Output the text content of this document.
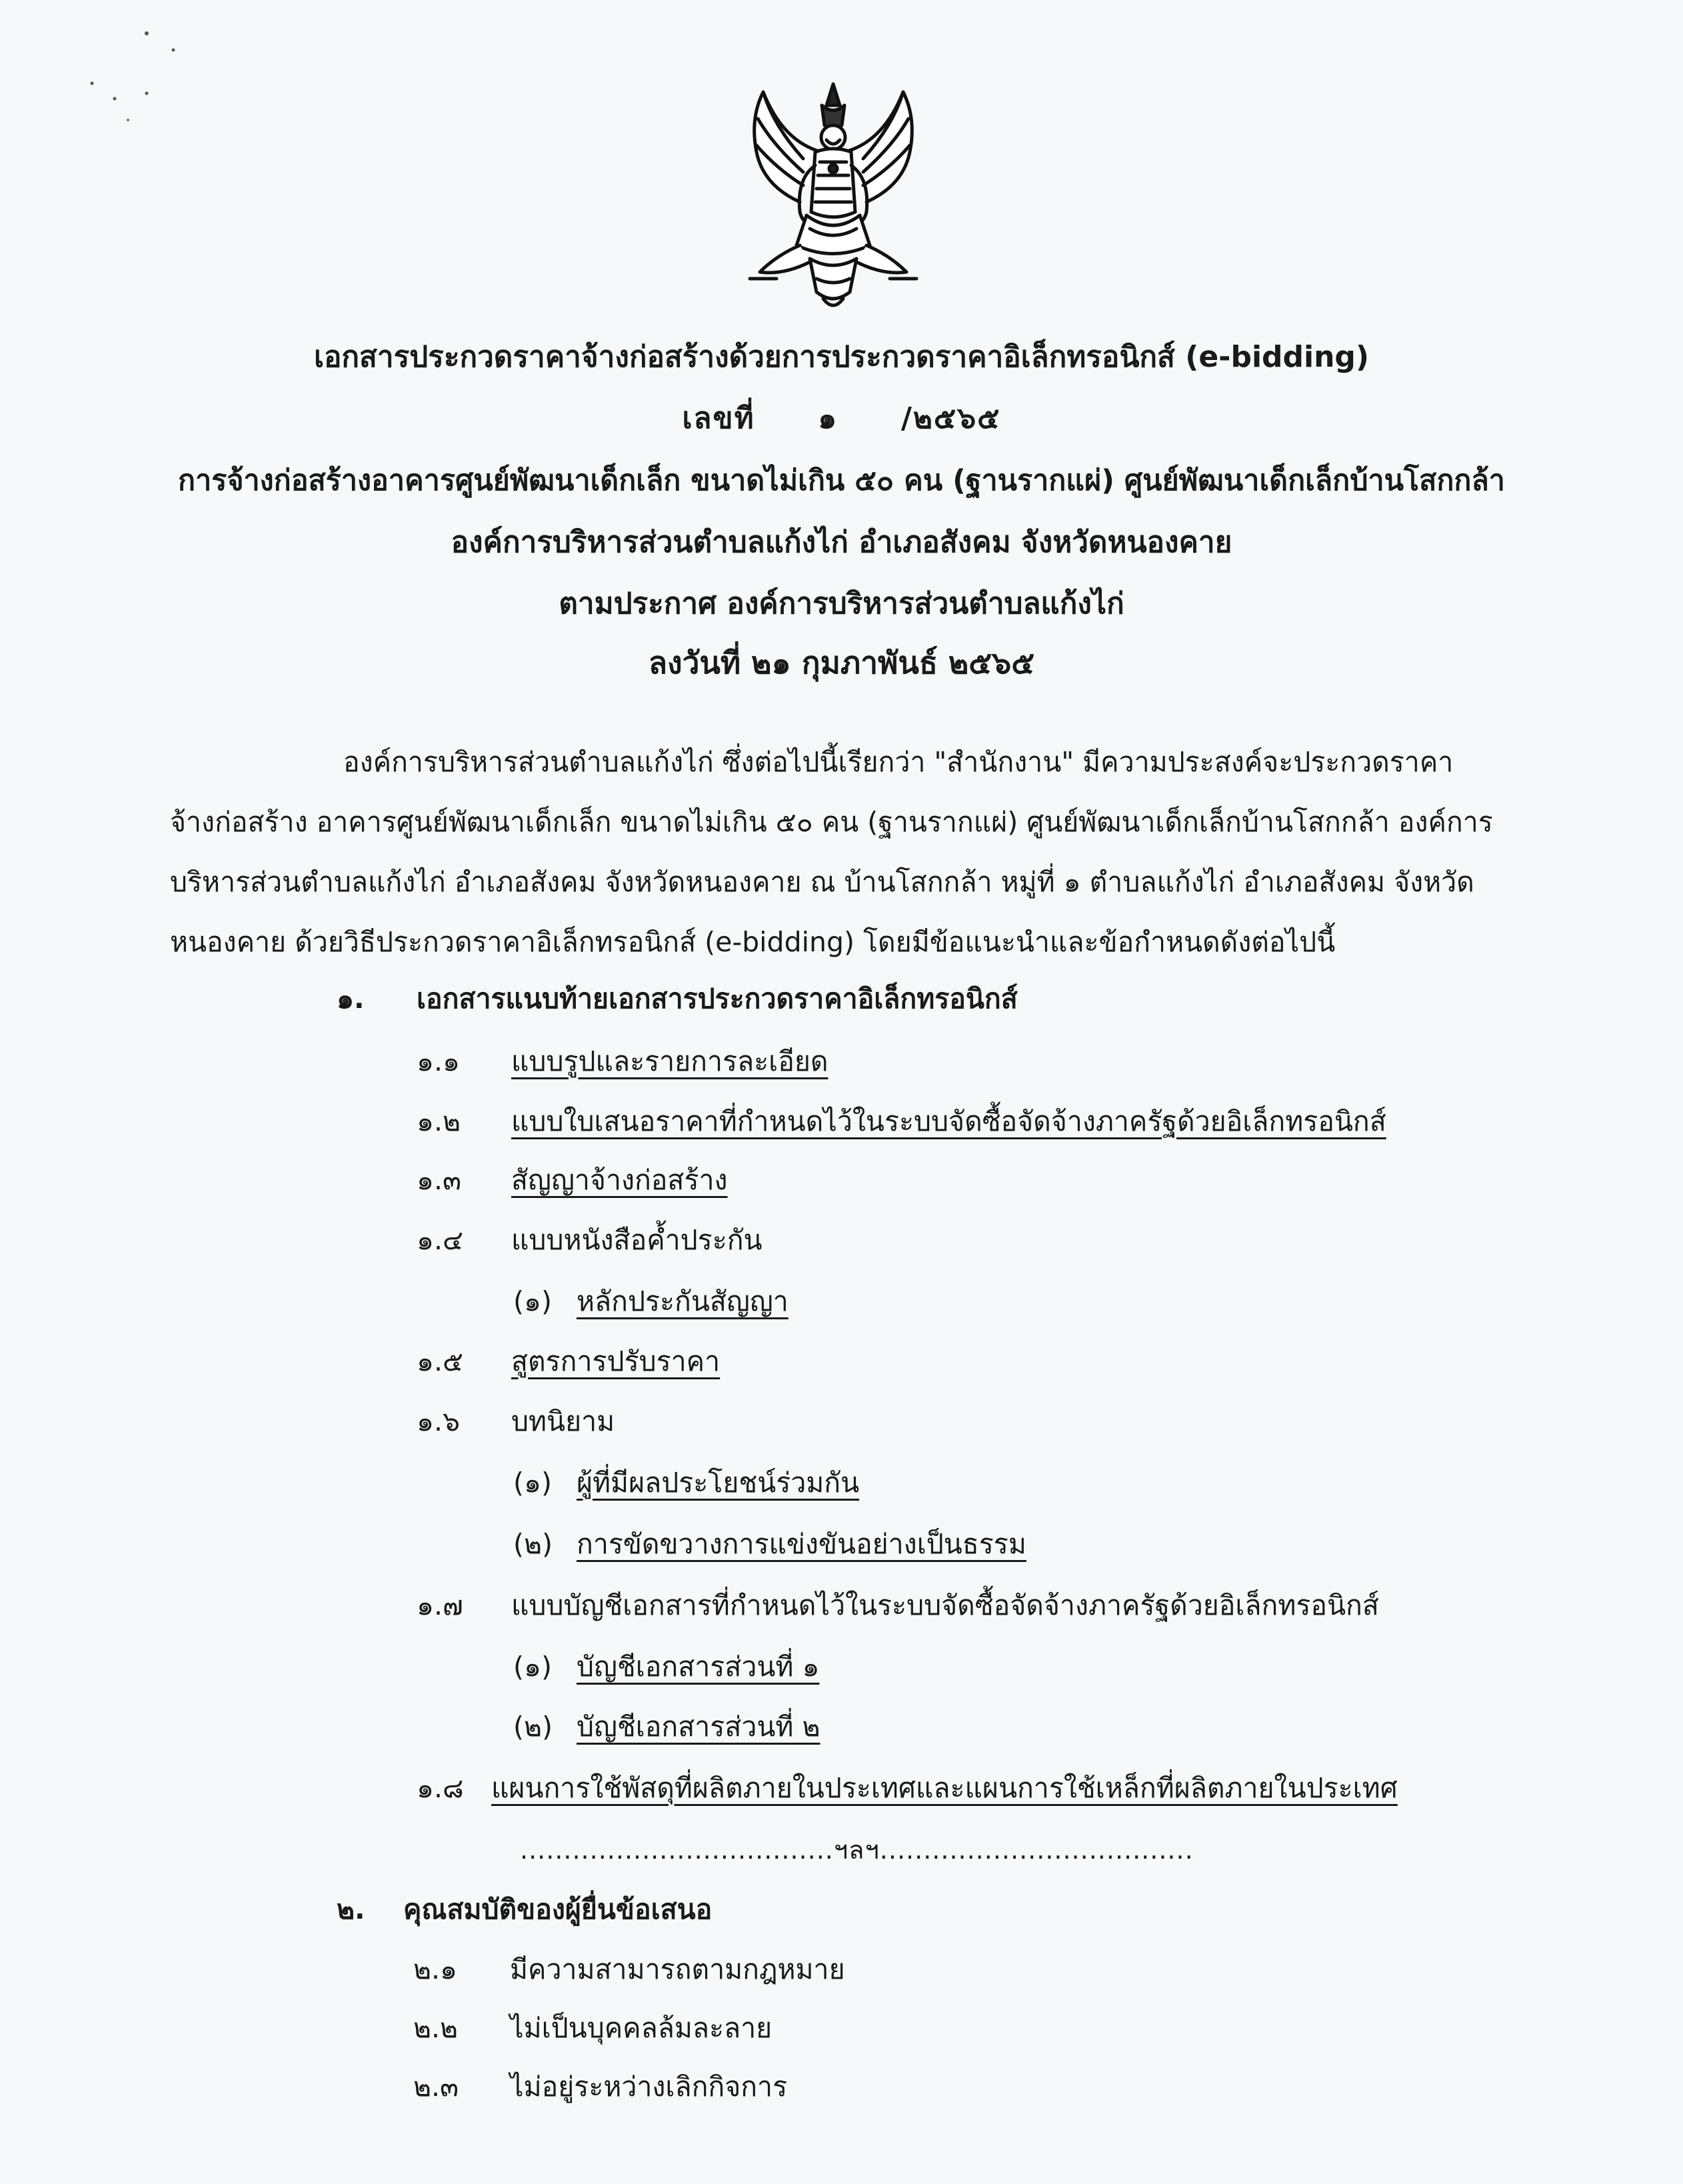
เอกสารประกวดราคาจ้างก่อสร้างด้วยการประกวดราคาอิเล็กทรอนิกส์ (e-bidding)
เลขที่ ๑ /๒๕๖๕
การจ้างก่อสร้างอาคารศูนย์พัฒนาเด็กเล็ก ขนาดไม่เกิน ๕๐ คน (ฐานรากแผ่) ศูนย์พัฒนาเด็กเล็กบ้านโสกกล้า
องค์การบริหารส่วนตำบลแก้งไก่ อำเภอสังคม จังหวัดหนองคาย
ตามประกาศ องค์การบริหารส่วนตำบลแก้งไก่
ลงวันที่ ๒๑ กุมภาพันธ์ ๒๕๖๕
องค์การบริหารส่วนตำบลแก้งไก่ ซึ่งต่อไปนี้เรียกว่า "สำนักงาน" มีความประสงค์จะประกวดราคา
จ้างก่อสร้าง อาคารศูนย์พัฒนาเด็กเล็ก ขนาดไม่เกิน ๕๐ คน (ฐานรากแผ่) ศูนย์พัฒนาเด็กเล็กบ้านโสกกล้า องค์การ
บริหารส่วนตำบลแก้งไก่ อำเภอสังคม จังหวัดหนองคาย ณ บ้านโสกกล้า หมู่ที่ ๑ ตำบลแก้งไก่ อำเภอสังคม จังหวัด
หนองคาย ด้วยวิธีประกวดราคาอิเล็กทรอนิกส์ (e-bidding) โดยมีข้อแนะนำและข้อกำหนดดังต่อไปนี้
๑. เอกสารแนบท้ายเอกสารประกวดราคาอิเล็กทรอนิกส์
๑.๑ แบบรูปและรายการละเอียด
๑.๒ แบบใบเสนอราคาที่กำหนดไว้ในระบบจัดซื้อจัดจ้างภาครัฐด้วยอิเล็กทรอนิกส์
๑.๓ สัญญาจ้างก่อสร้าง
๑.๔ แบบหนังสือค้ำประกัน
(๑) หลักประกันสัญญา
๑.๕ สูตรการปรับราคา
๑.๖ บทนิยาม
(๑) ผู้ที่มีผลประโยชน์ร่วมกัน
(๒) การขัดขวางการแข่งขันอย่างเป็นธรรม
๑.๗ แบบบัญชีเอกสารที่กำหนดไว้ในระบบจัดซื้อจัดจ้างภาครัฐด้วยอิเล็กทรอนิกส์
(๑) บัญชีเอกสารส่วนที่ ๑
(๒) บัญชีเอกสารส่วนที่ ๒
๑.๘ แผนการใช้พัสดุที่ผลิตภายในประเทศและแผนการใช้เหล็กที่ผลิตภายในประเทศ
....................................ฯลฯ....................................
๒. คุณสมบัติของผู้ยื่นข้อเสนอ
๒.๑ มีความสามารถตามกฎหมาย
๒.๒ ไม่เป็นบุคคลล้มละลาย
๒.๓ ไม่อยู่ระหว่างเลิกกิจการ
